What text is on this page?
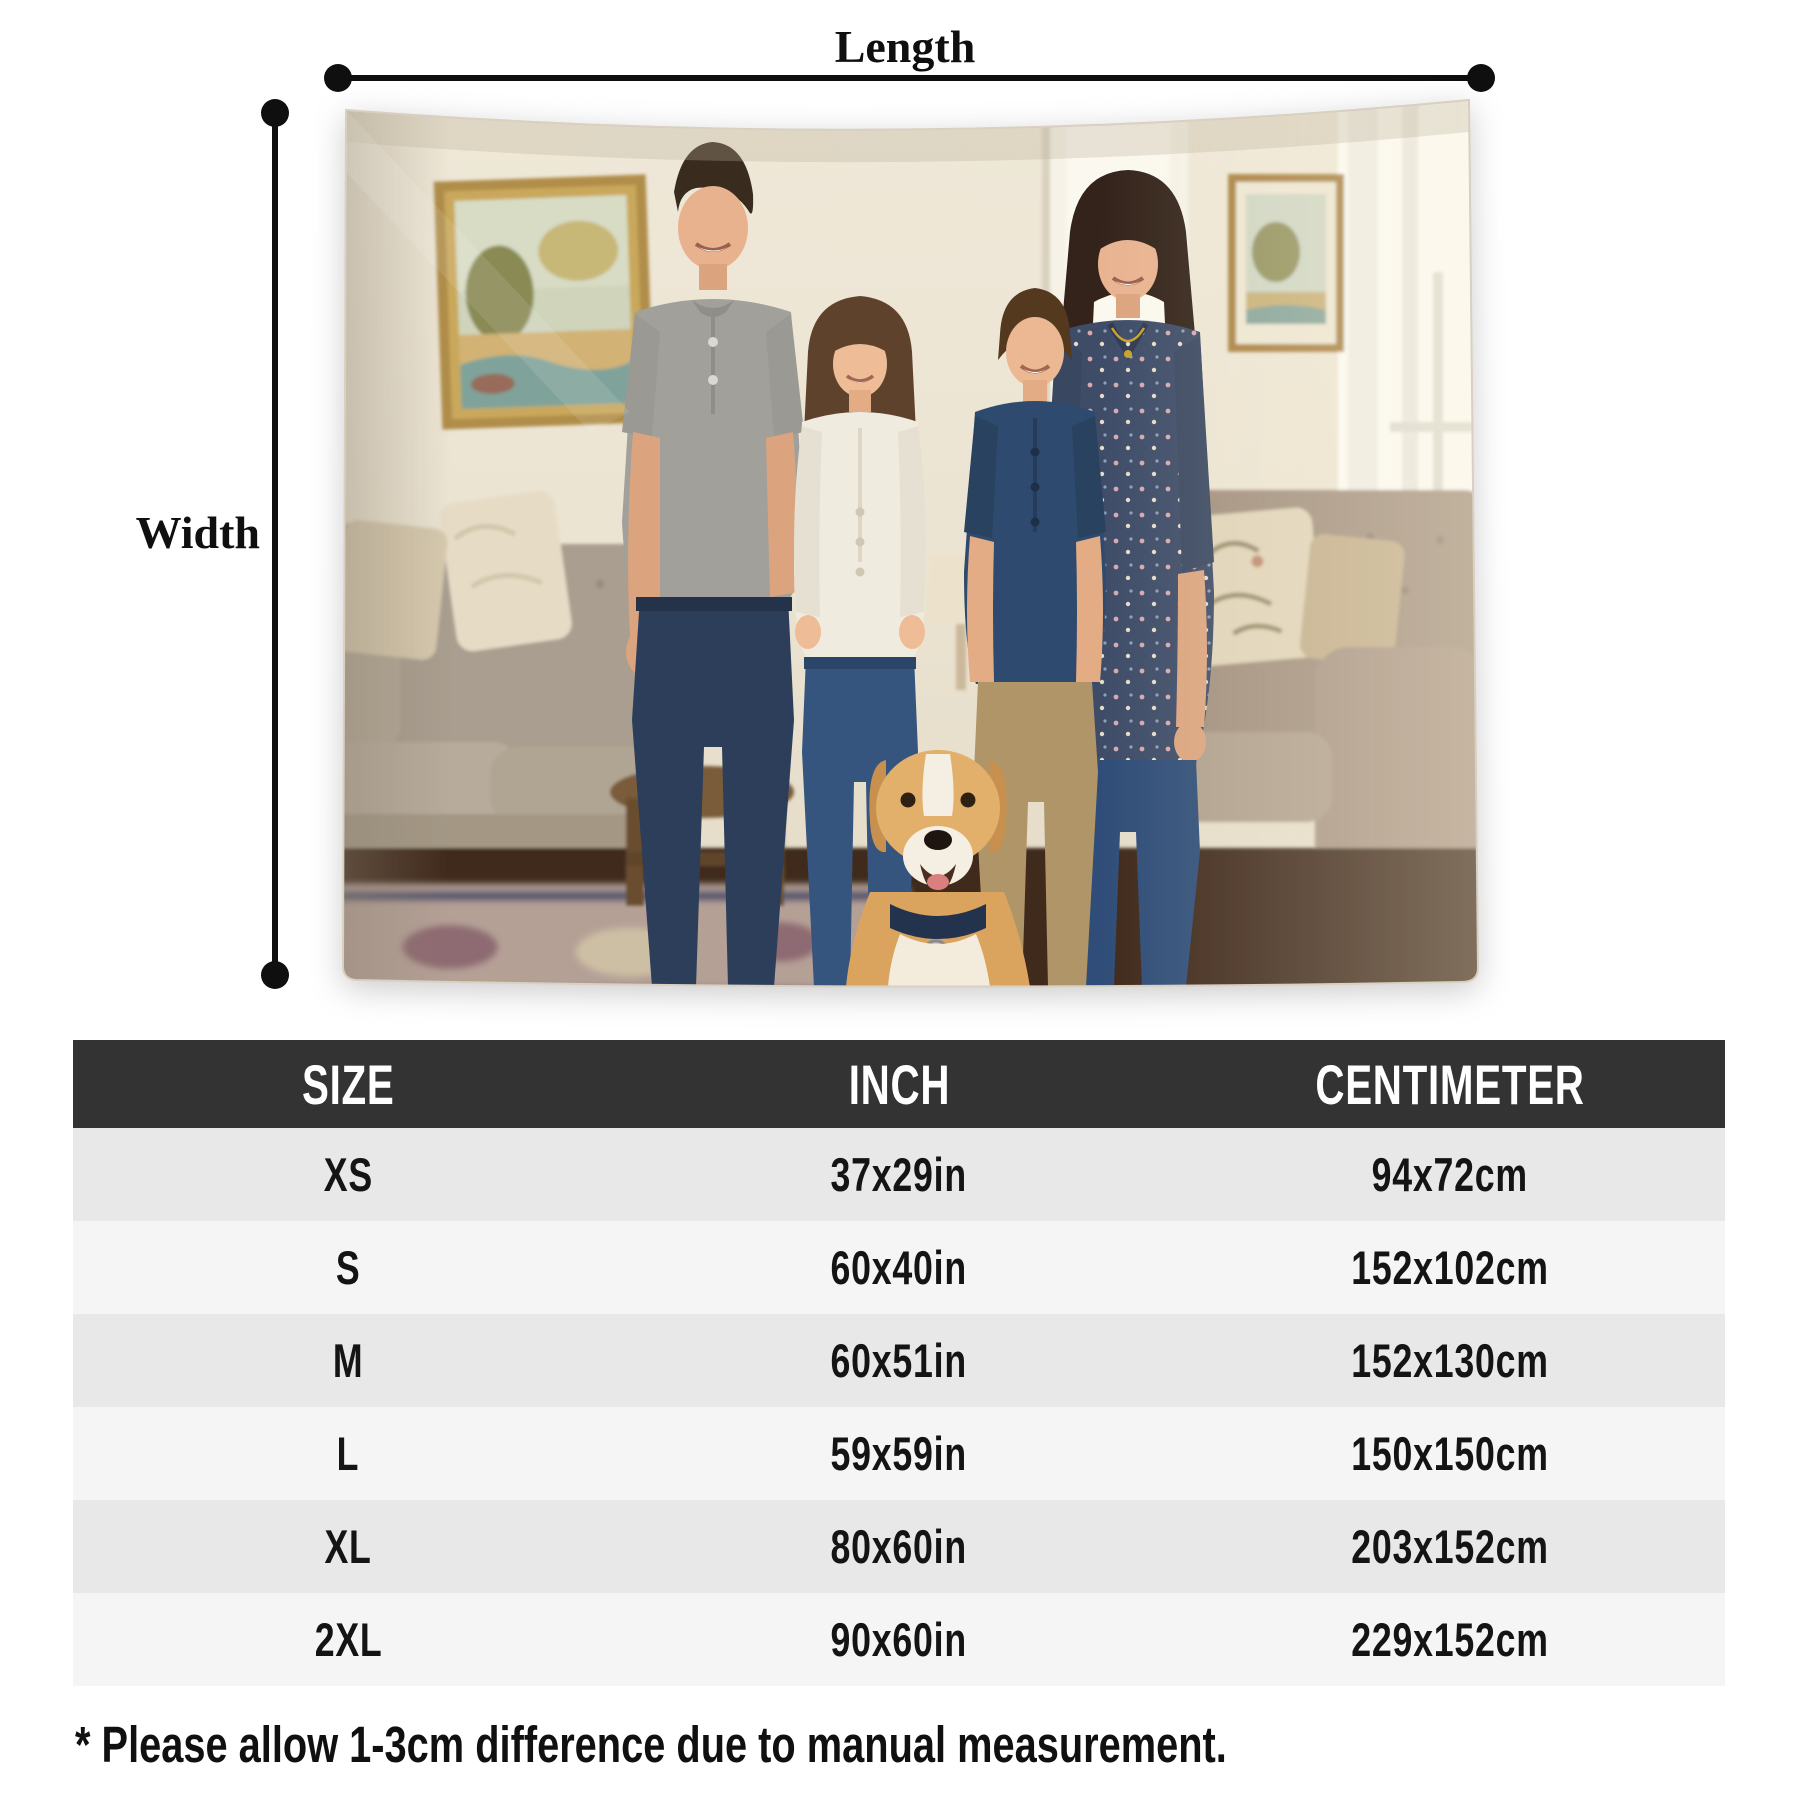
Length
Width
SIZE	INCH	CENTIMETER
XS	37x29in	94x72cm
S	60x40in	152x102cm
M	60x51in	152x130cm
L	59x59in	150x150cm
XL	80x60in	203x152cm
2XL	90x60in	229x152cm
* Please allow 1-3cm difference due to manual measurement.
